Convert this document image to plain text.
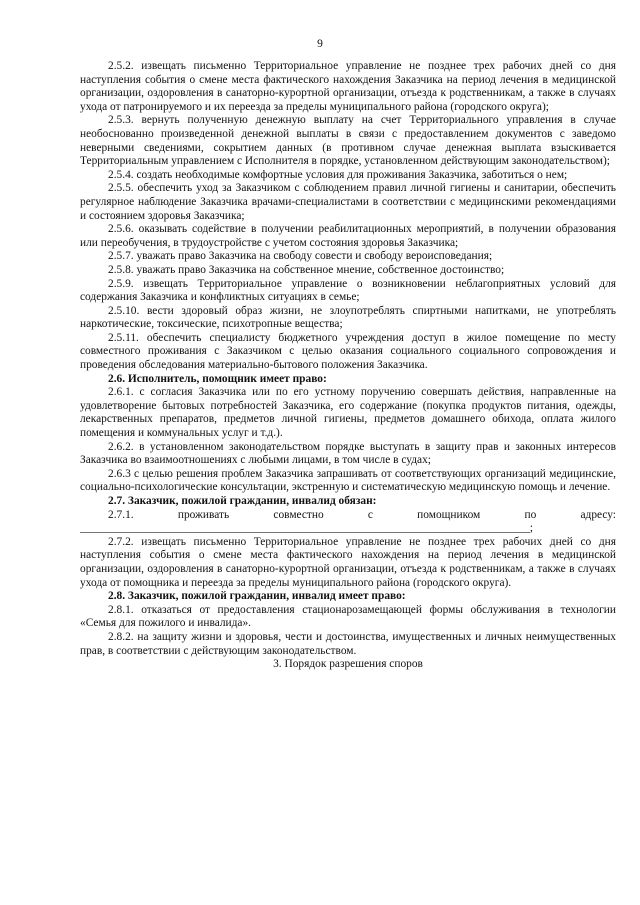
9

2.5.2. извещать письменно Территориальное управление не позднее трех рабочих дней со дня наступления события о смене места фактического нахождения Заказчика на период лечения в медицинской организации, оздоровления в санаторно-курортной организации, отъезда к родственникам, а также в случаях ухода от патронируемого и их переезда за пределы муниципального района (городского округа);

2.5.3. вернуть полученную денежную выплату на счет Территориального управления в случае необоснованно произведенной денежной выплаты в связи с предоставлением документов с заведомо неверными сведениями, сокрытием данных (в противном случае денежная выплата взыскивается Территориальным управлением с Исполнителя в порядке, установленном действующим законодательством);

2.5.4. создать необходимые комфортные условия для проживания Заказчика, заботиться о нем;

2.5.5. обеспечить уход за Заказчиком с соблюдением правил личной гигиены и санитарии, обеспечить регулярное наблюдение Заказчика врачами-специалистами в соответствии с медицинскими рекомендациями и состоянием здоровья Заказчика;

2.5.6. оказывать содействие в получении реабилитационных мероприятий, в получении образования или переобучения, в трудоустройстве с учетом состояния здоровья Заказчика;

2.5.7. уважать право Заказчика на свободу совести и свободу вероисповедания;

2.5.8. уважать право Заказчика на собственное мнение, собственное достоинство;

2.5.9. извещать Территориальное управление о возникновении неблагоприятных условий для содержания Заказчика и конфликтных ситуациях в семье;

2.5.10. вести здоровый образ жизни, не злоупотреблять спиртными напитками, не употреблять наркотические, токсические, психотропные вещества;

2.5.11. обеспечить специалисту бюджетного учреждения доступ в жилое помещение по месту совместного проживания с Заказчиком с целью оказания социального социального сопровождения и проведения обследования материально-бытового положения Заказчика.

2.6. Исполнитель, помощник имеет право:

2.6.1. с согласия Заказчика или по его устному поручению совершать действия, направленные на удовлетворение бытовых потребностей Заказчика, его содержание (покупка продуктов питания, одежды, лекарственных препаратов, предметов личной гигиены, предметов домашнего обихода, оплата жилого помещения и коммунальных услуг и т.д.).

2.6.2. в установленном законодательством порядке выступать в защиту прав и законных интересов Заказчика во взаимоотношениях с любыми лицами, в том числе в судах;

2.6.3 с целью решения проблем Заказчика запрашивать от соответствующих организаций медицинские, социально-психологические консультации, экстренную и систематическую медицинскую помощь и лечение.

2.7. Заказчик, пожилой гражданин, инвалид обязан:

2.7.1.	проживать	совместно	с	помощником	по	адресу:
_______________________________________________________________________________;

2.7.2. извещать письменно Территориальное управление не позднее трех рабочих дней со дня наступления события о смене места фактического нахождения на период лечения в медицинской организации, оздоровления в санаторно-курортной организации, отъезда к родственникам, а также в случаях ухода от помощника и переезда за пределы муниципального района (городского округа).

2.8. Заказчик, пожилой гражданин, инвалид имеет право:

2.8.1. отказаться от предоставления стационарозамещающей формы обслуживания в технологии «Семья для пожилого и инвалида».

2.8.2. на защиту жизни и здоровья, чести и достоинства, имущественных и личных неимущественных прав, в соответствии с действующим законодательством.

3. Порядок разрешения споров
